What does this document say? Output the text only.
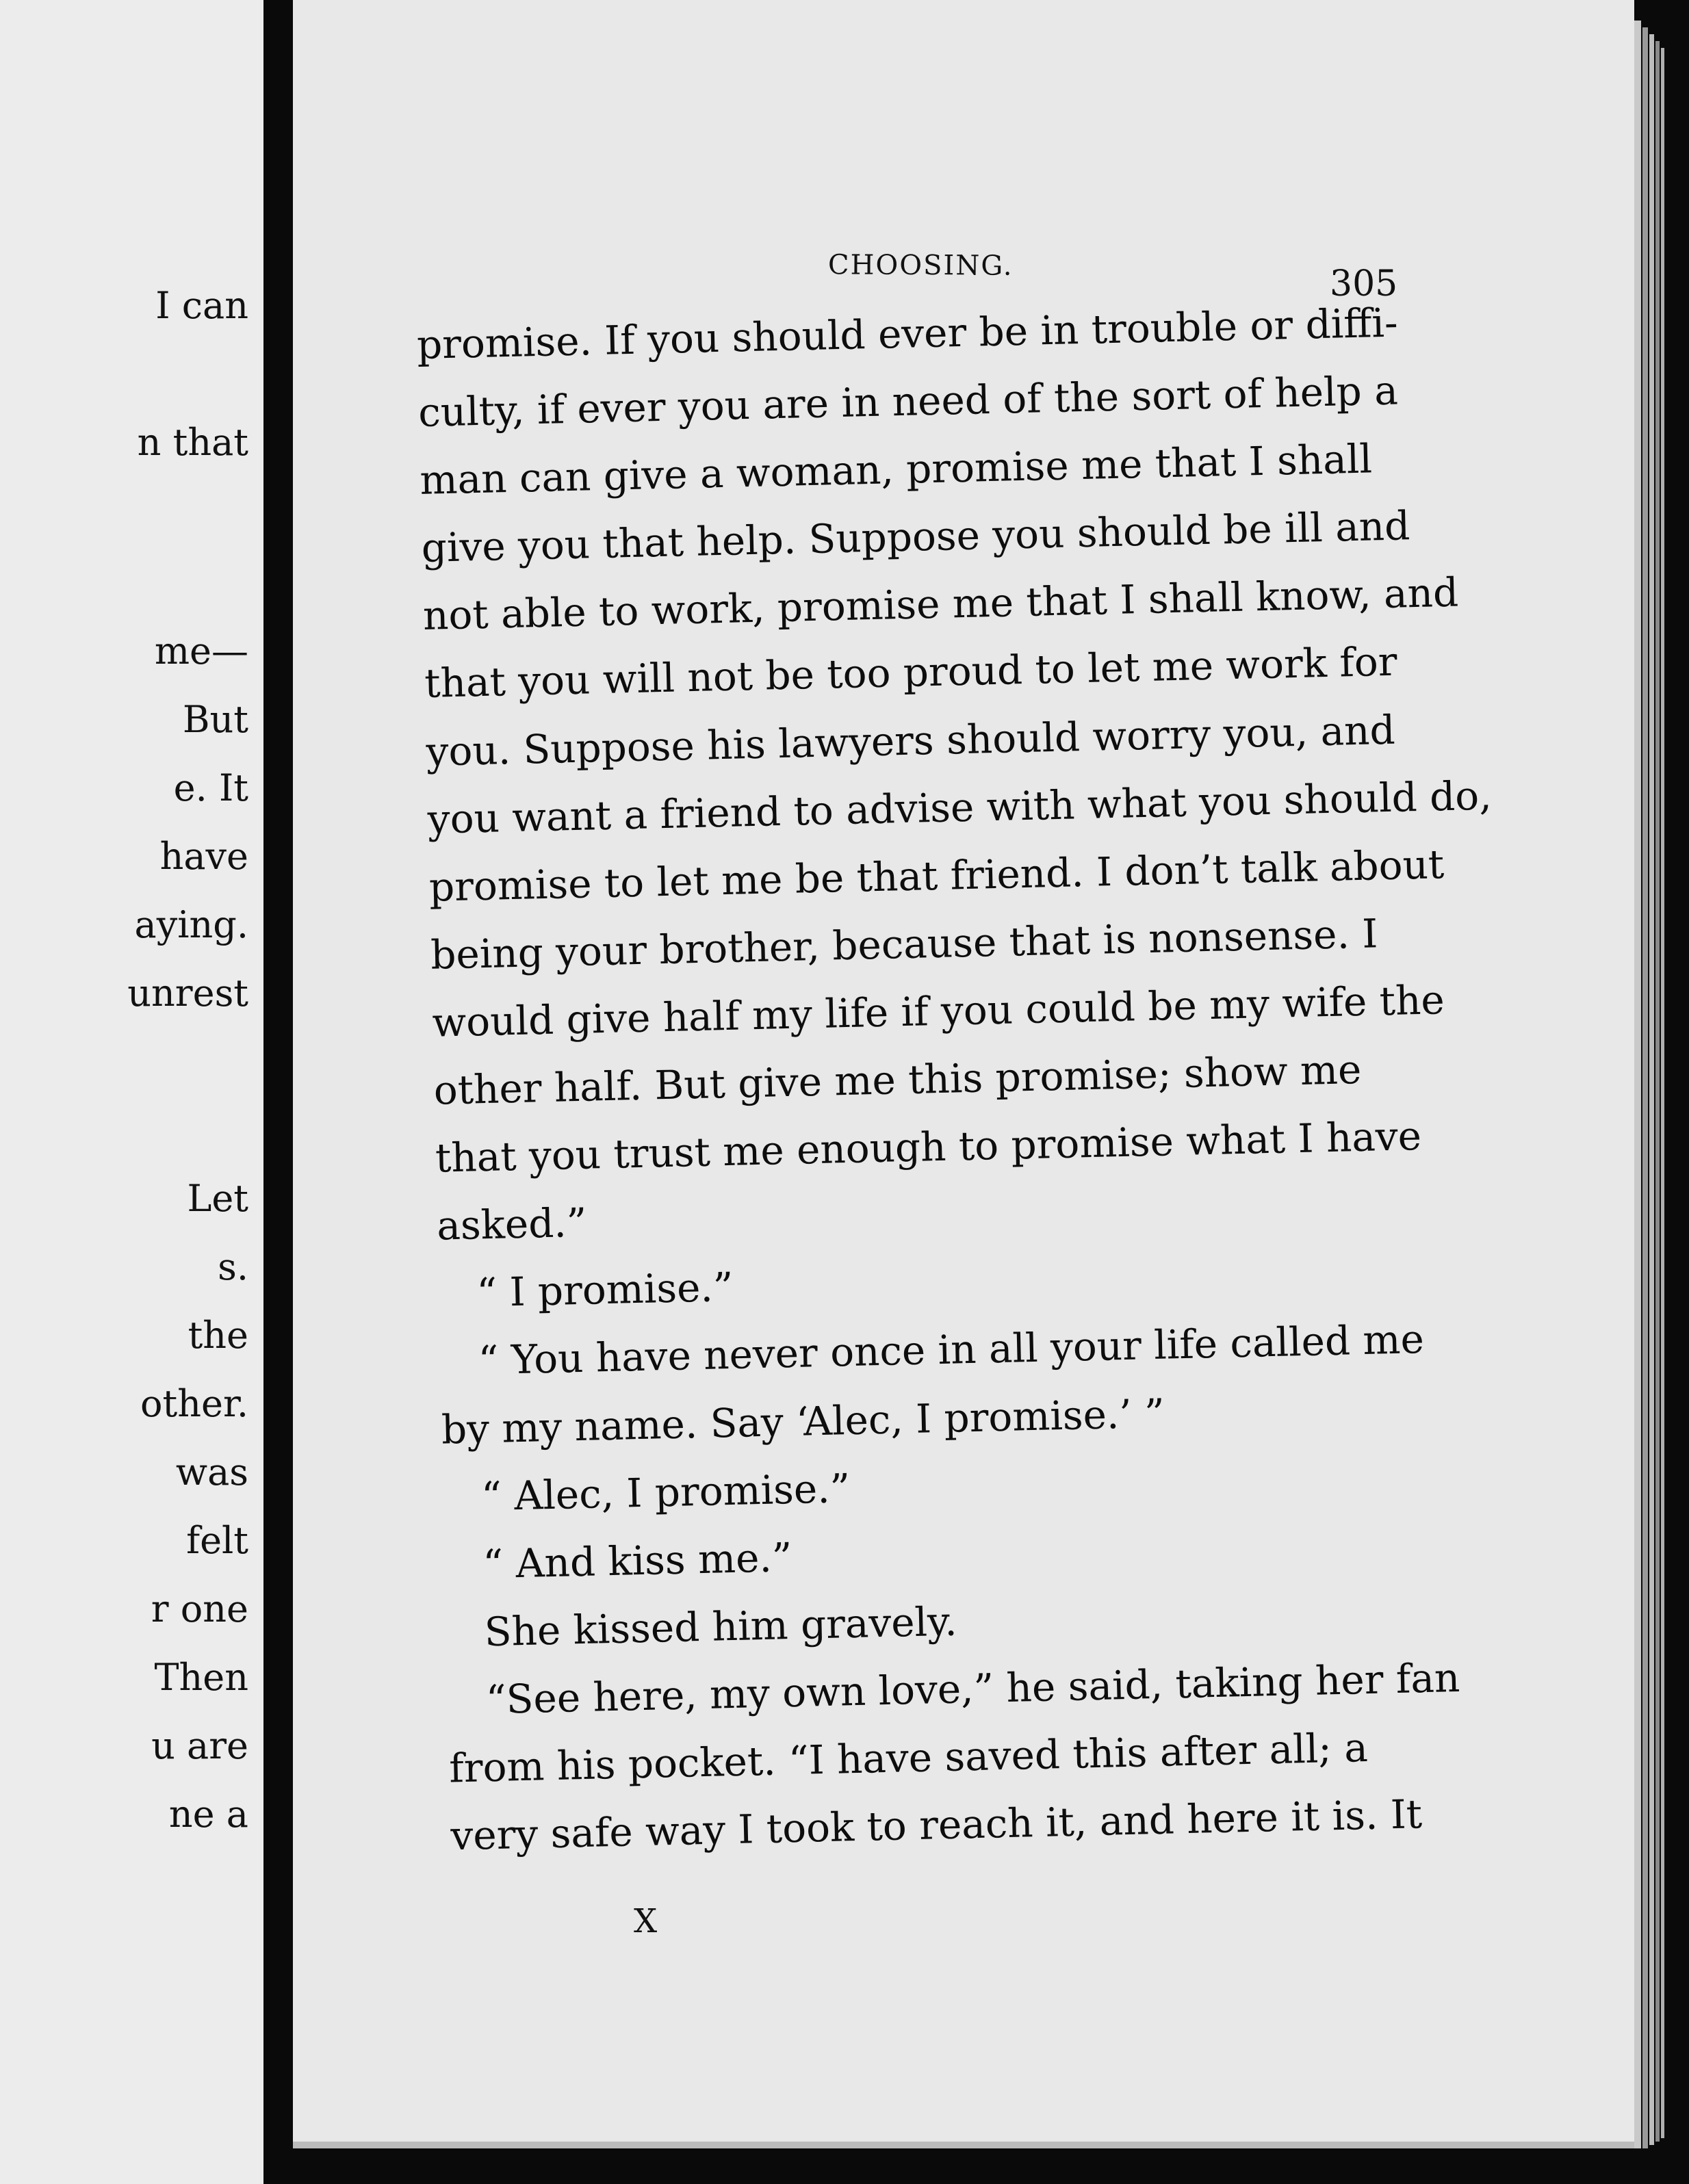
I can
n that
me—
But
e. It
have
aying.
unrest
Let
s.
the
other.
was
felt
r one
Then
u are
ne a
CHOOSING.	305
promise. If you should ever be in trouble or diffi-
culty, if ever you are in need of the sort of help a
man can give a woman, promise me that I shall
give you that help. Suppose you should be ill and
not able to work, promise me that I shall know, and
that you will not be too proud to let me work for
you. Suppose his lawyers should worry you, and
you want a friend to advise with what you should do,
promise to let me be that friend. I don’t talk about
being your brother, because that is nonsense. I
would give half my life if you could be my wife the
other half. But give me this promise; show me
that you trust me enough to promise what I have
asked.”
“ I promise.”
“ You have never once in all your life called me
by my name. Say ‘Alec, I promise.’ ”
“ Alec, I promise.”
“ And kiss me.”
She kissed him gravely.
“See here, my own love,” he said, taking her fan
from his pocket. “I have saved this after all; a
very safe way I took to reach it, and here it is. It
X
